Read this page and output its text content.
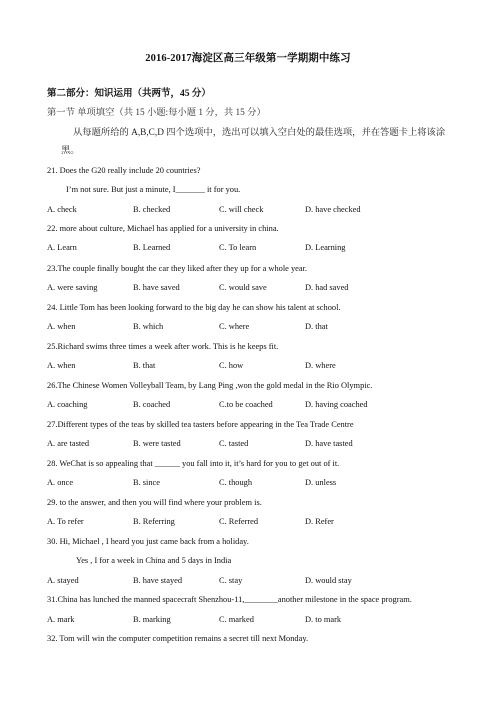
2016-2017海淀区高三年级第一学期期中练习
第二部分：知识运用（共两节，45 分）
第一节 单项填空（共 15 小题:每小题 1 分，共 15 分）
从每题所给的 A,B,C,D 四个选项中，选出可以填入空白处的最佳选项，并在答题卡上将该涂黑。
21. Does the G20 really include 20 countries?
I’m not sure. But just a minute, I_______ it for you.
A. check	B. checked	C. will check	D. have checked
22. more about culture, Michael has applied for a university in china.
A. Learn	B. Learned	C. To learn	D. Learning
23.The couple finally bought the car they liked after they up for a whole year.
A. were saving	B. have saved	C. would save	D. had saved
24. Little Tom has been looking forward to the big day he can show his talent at school.
A. when	B. which	C. where	D. that
25.Richard swims three times a week after work. This is he keeps fit.
A. when	B. that	C. how	D. where
26.The Chinese Women Volleyball Team, by Lang Ping ,won the gold medal in the Rio Olympic.
A. coaching	B. coached	C.to be coached	D. having coached
27.Different types of the teas by skilled tea tasters before appearing in the Tea Trade Centre
A. are tasted	B. were tasted	C. tasted	D. have tasted
28. WeChat is so appealing that ______ you fall into it, it’s hard for you to get out of it.
A. once	B. since	C. though	D. unless
29. to the answer, and then you will find where your problem is.
A. To refer	B. Referring	C. Referred	D. Refer
30. Hi, Michael , I heard you just came back from a holiday.
Yes , I for a week in China and 5 days in India
A. stayed	B. have stayed	C. stay	D. would stay
31.China has lunched the manned spacecraft Shenzhou-11,________another milestone in the space program.
A. mark	B. marking	C. marked	D. to mark
32. Tom will win the computer competition remains a secret till next Monday.
